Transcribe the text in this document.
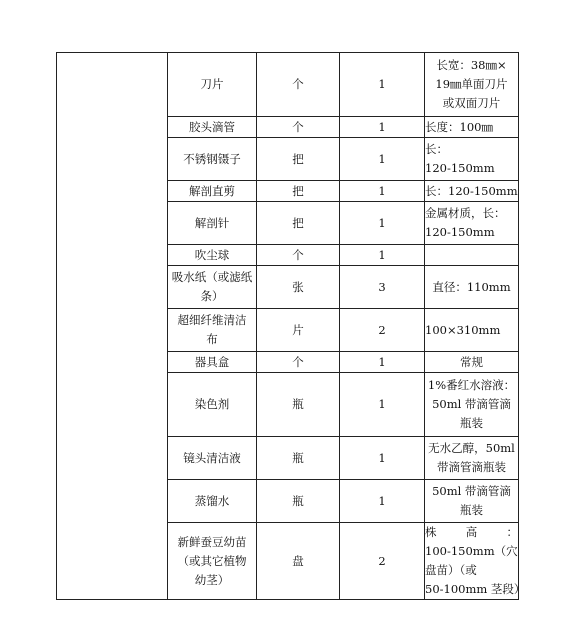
	刀片	个	1	长宽：38㎜×
19㎜单面刀片
或双面刀片

	胶头滴管	个	1	长度：100㎜

	不锈钢镊子	把	1	长：
120-150mm

	解剖直剪	把	1	长：120-150mm

	解剖针	把	1	金属材质，长：
120-150mm

	吹尘球	个	1	

	吸水纸（或滤纸
条）	张	3	直径：110mm

	超细纤维清洁
布	片	2	100×310mm

	器具盒	个	1	常规

	染色剂	瓶	1	1%番红水溶液：
50ml 带滴管滴
瓶装

	镜头清洁液	瓶	1	无水乙醇，50ml
带滴管滴瓶装

	蒸馏水	瓶	1	50ml 带滴管滴
瓶装

	新鲜蚕豆幼苗
（或其它植物
幼茎）	盘	2	株 高 ：
100-150mm（穴
盘苗）（或
50-100mm 茎段）
